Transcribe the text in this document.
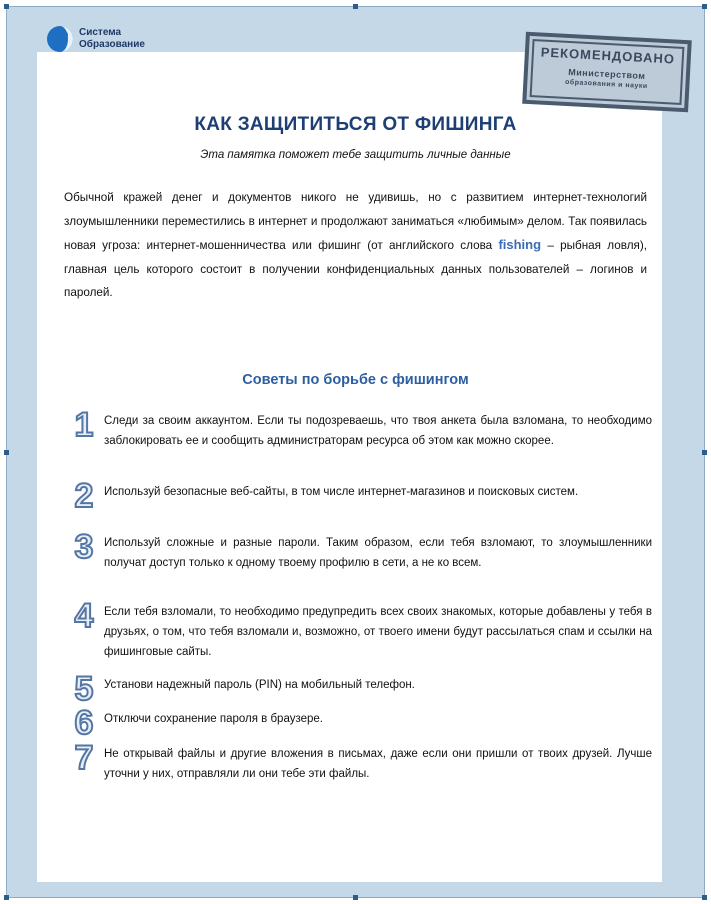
Система
Образование
РЕКОМЕНДОВАНО
Министерством
образования и науки
КАК ЗАЩИТИТЬСЯ ОТ ФИШИНГА
Эта памятка поможет тебе защитить личные данные
Обычной кражей денег и документов никого не удивишь, но с развитием интернет-технологий злоумышленники переместились в интернет и продолжают заниматься «любимым» делом. Так появилась новая угроза: интернет-мошенничества или фишинг (от английского слова fishing – рыбная ловля), главная цель которого состоит в получении конфиденциальных данных пользователей – логинов и паролей.
Советы по борьбе с фишингом
1 Следи за своим аккаунтом. Если ты подозреваешь, что твоя анкета была взломана, то необходимо заблокировать ее и сообщить администраторам ресурса об этом как можно скорее.
2 Используй безопасные веб-сайты, в том числе интернет-магазинов и поисковых систем.
3 Используй сложные и разные пароли. Таким образом, если тебя взломают, то злоумышленники получат доступ только к одному твоему профилю в сети, а не ко всем.
4 Если тебя взломали, то необходимо предупредить всех своих знакомых, которые добавлены у тебя в друзьях, о том, что тебя взломали и, возможно, от твоего имени будут рассылаться спам и ссылки на фишинговые сайты.
5 Установи надежный пароль (PIN) на мобильный телефон.
6 Отключи сохранение пароля в браузере.
7 Не открывай файлы и другие вложения в письмах, даже если они пришли от твоих друзей. Лучше уточни у них, отправляли ли они тебе эти файлы.
